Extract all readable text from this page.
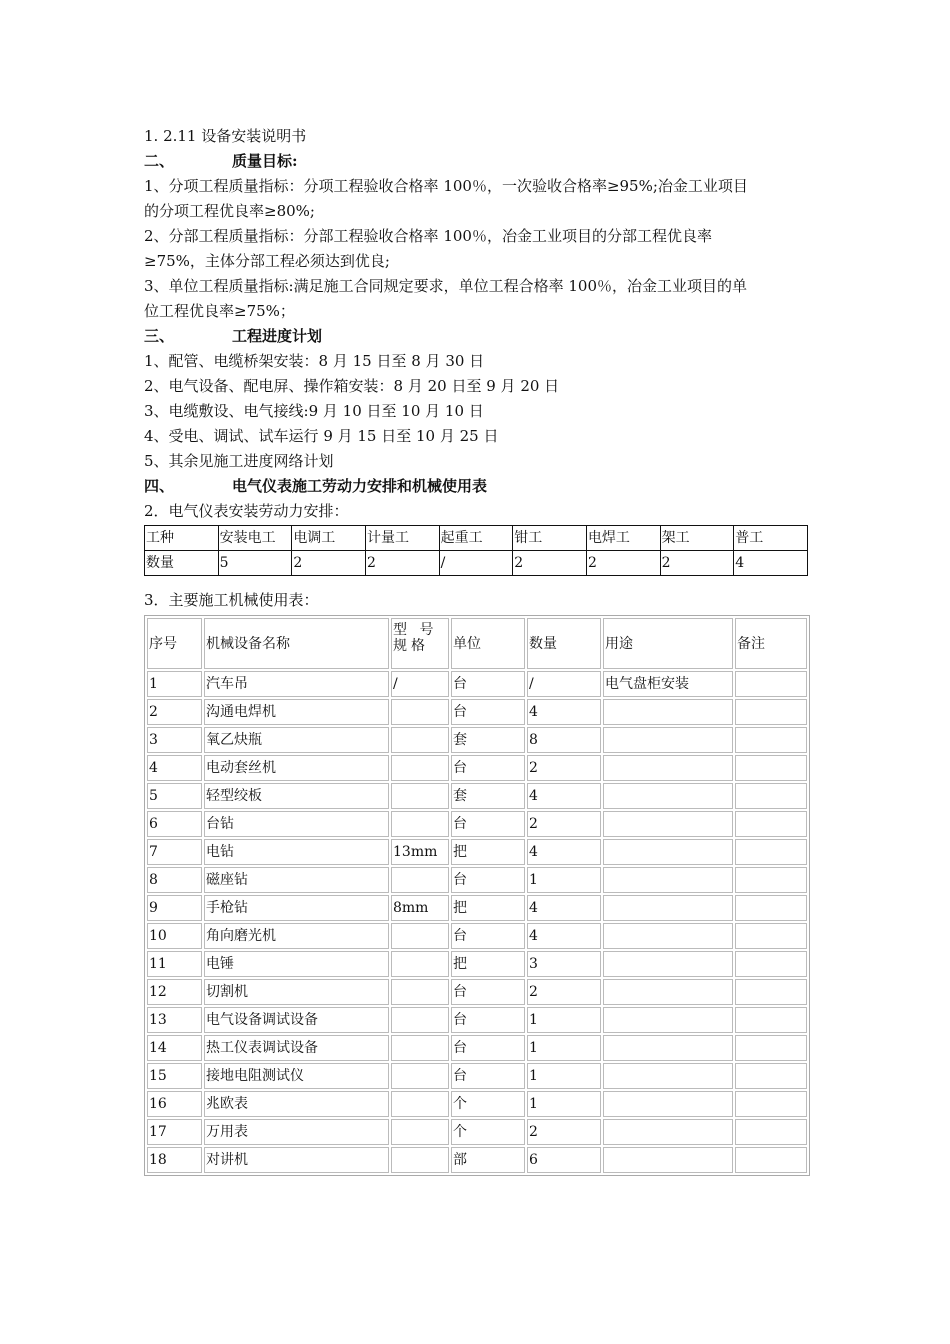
1. 2.11 设备安装说明书
二、	质量目标:
1、分项工程质量指标：分项工程验收合格率 100％，一次验收合格率≥95%;冶金工业项目
的分项工程优良率≥80%;
2、分部工程质量指标：分部工程验收合格率 100％，冶金工业项目的分部工程优良率
≥75%，主体分部工程必须达到优良;
3、单位工程质量指标:满足施工合同规定要求，单位工程合格率 100％，冶金工业项目的单
位工程优良率≥75%；
三、	工程进度计划
1、配管、电缆桥架安装：8 月 15 日至 8 月 30 日
2、电气设备、配电屏、操作箱安装：8 月 20 日至 9 月 20 日
3、电缆敷设、电气接线:9 月 10 日至 10 月 10 日
4、受电、调试、试车运行 9 月 15 日至 10 月 25 日
5、其余见施工进度网络计划
四、	电气仪表施工劳动力安排和机械使用表
2．电气仪表安装劳动力安排：
工种	安装电工	电调工	计量工	起重工	钳工	电焊工	架工	普工
数量	5	2	2	/	2	2	2	4
3．主要施工机械使用表：
序号	机械设备名称	型 号 规格	单位	数量	用途	备注
1	汽车吊	/	台	/	电气盘柜安装	
2	沟通电焊机		台	4		
3	氧乙炔瓶		套	8		
4	电动套丝机		台	2		
5	轻型绞板		套	4		
6	台钻		台	2		
7	电钻	13mm	把	4		
8	磁座钻		台	1		
9	手枪钻	8mm	把	4		
10	角向磨光机		台	4		
11	电锤		把	3		
12	切割机		台	2		
13	电气设备调试设备		台	1		
14	热工仪表调试设备		台	1		
15	接地电阻测试仪		台	1		
16	兆欧表		个	1		
17	万用表		个	2		
18	对讲机		部	6		
